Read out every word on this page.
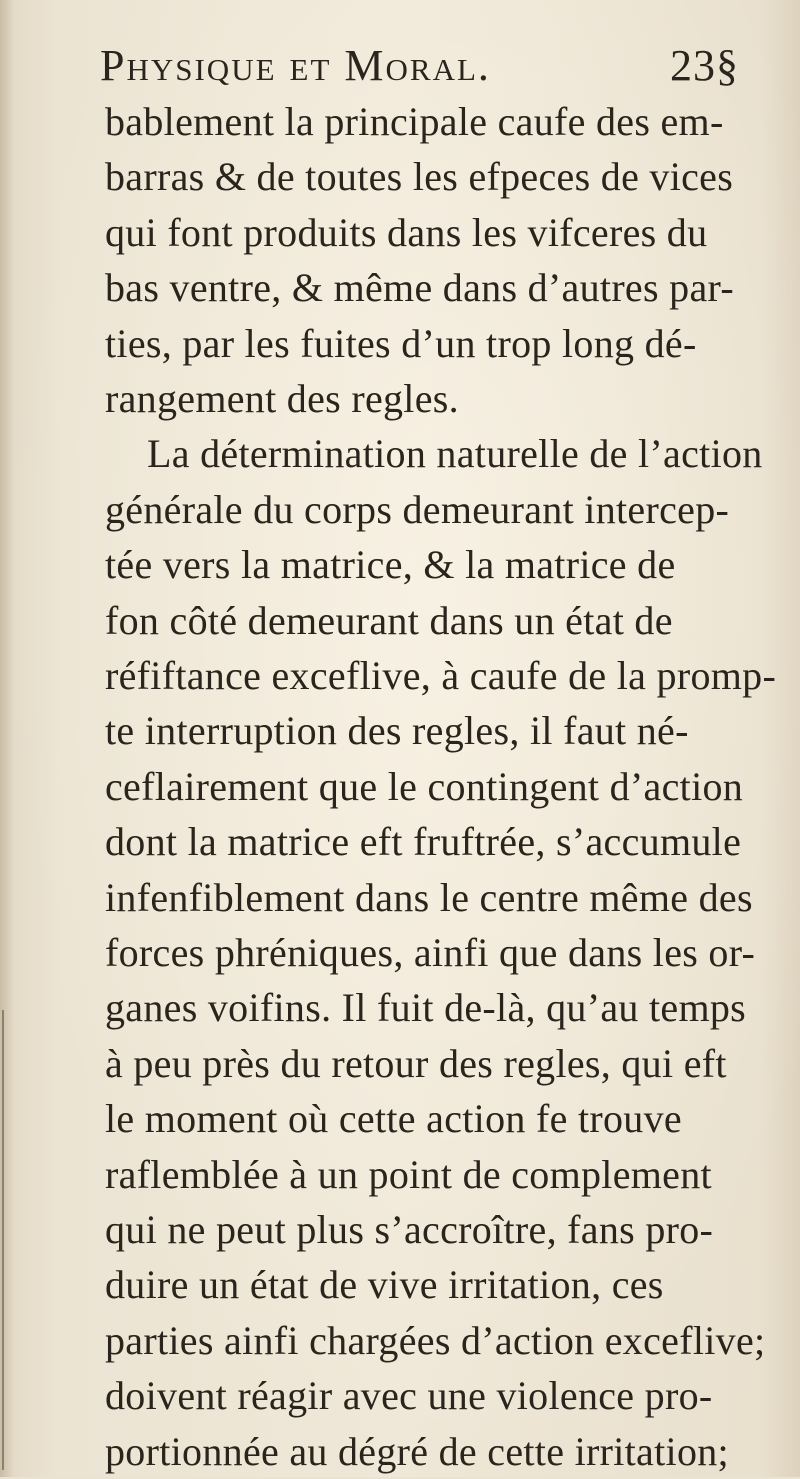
Physique et Moral.	23§
bablement la principale caufe des em-
barras & de toutes les efpeces de vices
qui font produits dans les vifceres du
bas ventre, & même dans d’autres par-
ties, par les fuites d’un trop long dé-
rangement des regles.
La détermination naturelle de l’action
générale du corps demeurant intercep-
tée vers la matrice, & la matrice de
fon côté demeurant dans un état de
réfiftance exceflive, à caufe de la promp-
te interruption des regles, il faut né-
ceflairement que le contingent d’action
dont la matrice eft fruftrée, s’accumule
infenfiblement dans le centre même des
forces phréniques, ainfi que dans les or-
ganes voifins. Il fuit de-là, qu’au temps
à peu près du retour des regles, qui eft
le moment où cette action fe trouve
raflemblée à un point de complement
qui ne peut plus s’accroître, fans pro-
duire un état de vive irritation, ces
parties ainfi chargées d’action exceflive;
doivent réagir avec une violence pro-
portionnée au dégré de cette irritation;
